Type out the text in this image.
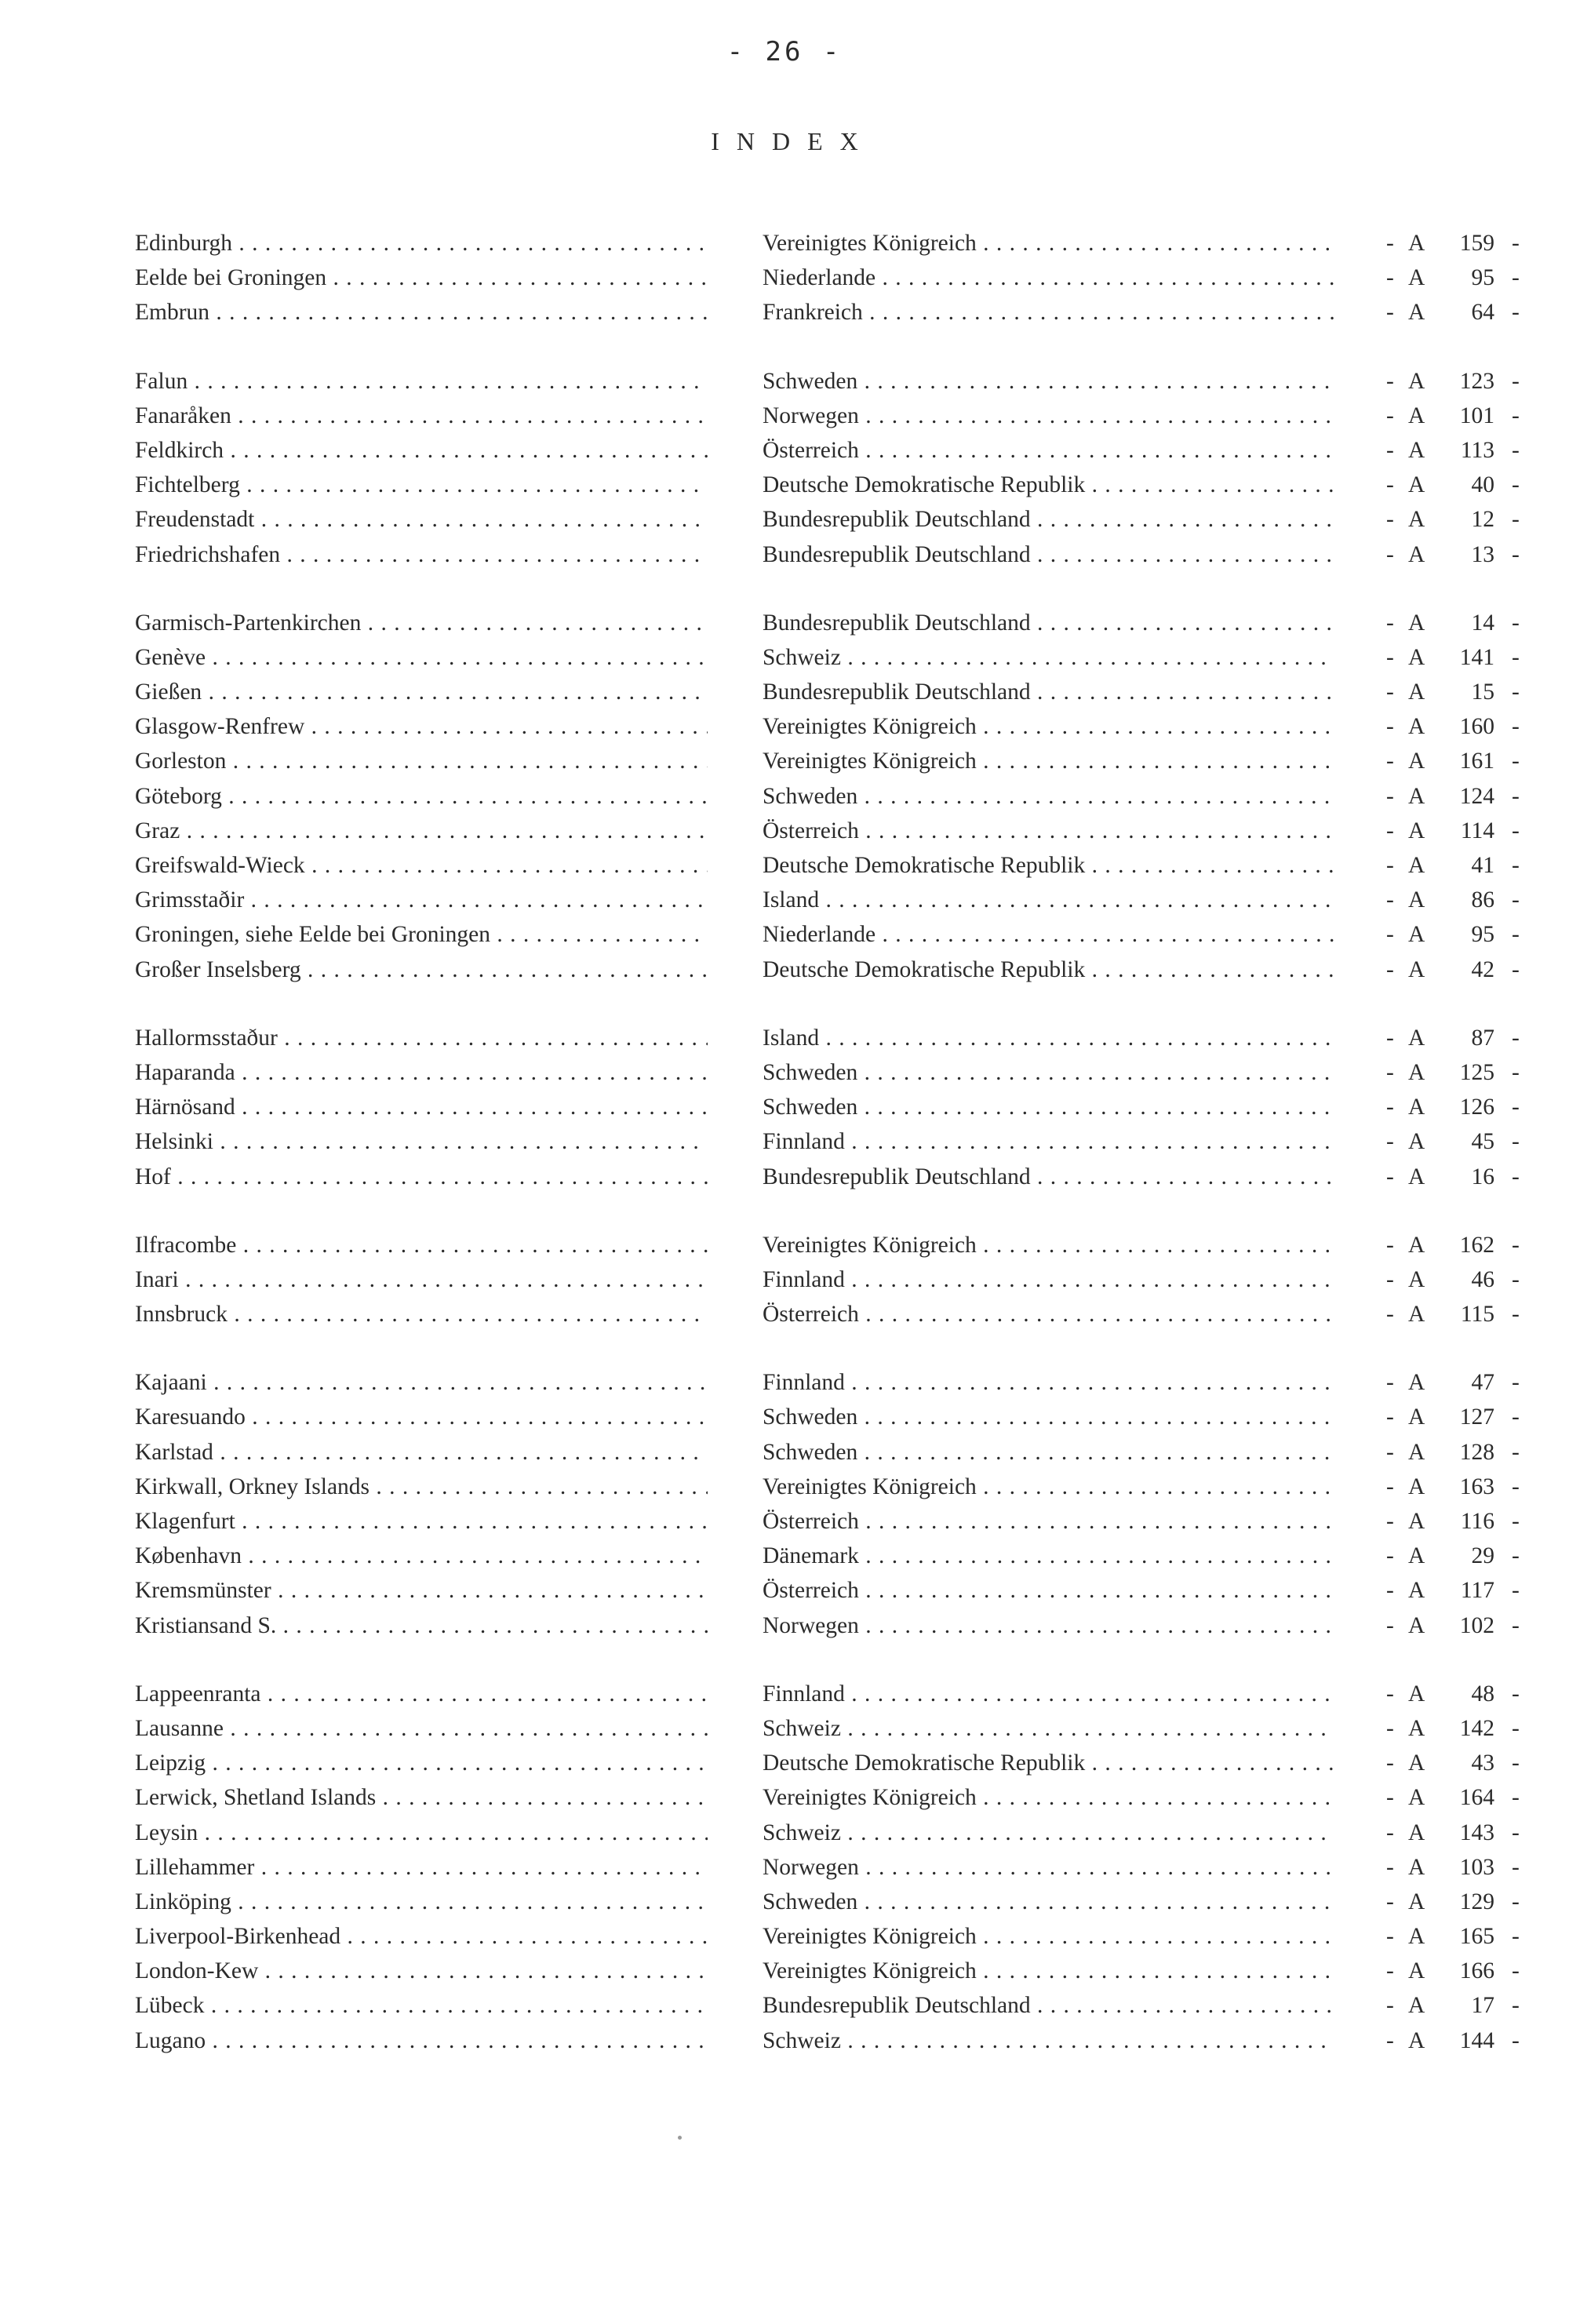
- 26 -
INDEX
Edinburgh . . .	Vereinigtes Königreich . . .	- A	159 -
Eelde bei Groningen . . .	Niederlande . . .	- A	95 -
Embrun . . .	Frankreich . . .	- A	64 -
Falun . . .	Schweden . . .	- A	123 -
Fanaråken . . .	Norwegen . . .	- A	101 -
Feldkirch . . .	Österreich . . .	- A	113 -
Fichtelberg . . .	Deutsche Demokratische Republik . . .	- A	40 -
Freudenstadt . . .	Bundesrepublik Deutschland . . .	- A	12 -
Friedrichshafen . . .	Bundesrepublik Deutschland . . .	- A	13 -
Garmisch-Partenkirchen . . .	Bundesrepublik Deutschland . . .	- A	14 -
Genève . . .	Schweiz . . .	- A	141 -
Gießen . . .	Bundesrepublik Deutschland . . .	- A	15 -
Glasgow-Renfrew . . .	Vereinigtes Königreich . . .	- A	160 -
Gorleston . . .	Vereinigtes Königreich . . .	- A	161 -
Göteborg . . .	Schweden . . .	- A	124 -
Graz . . .	Österreich . . .	- A	114 -
Greifswald-Wieck . . .	Deutsche Demokratische Republik . . .	- A	41 -
Grimsstaðir . . .	Island . . .	- A	86 -
Groningen, siehe Eelde bei Groningen . . .	Niederlande . . .	- A	95 -
Großer Inselsberg . . .	Deutsche Demokratische Republik . . .	- A	42 -
Hallormsstaður . . .	Island . . .	- A	87 -
Haparanda . . .	Schweden . . .	- A	125 -
Härnösand . . .	Schweden . . .	- A	126 -
Helsinki . . .	Finnland . . .	- A	45 -
Hof . . .	Bundesrepublik Deutschland . . .	- A	16 -
Ilfracombe . . .	Vereinigtes Königreich . . .	- A	162 -
Inari . . .	Finnland . . .	- A	46 -
Innsbruck . . .	Österreich . . .	- A	115 -
Kajaani . . .	Finnland . . .	- A	47 -
Karesuando . . .	Schweden . . .	- A	127 -
Karlstad . . .	Schweden . . .	- A	128 -
Kirkwall, Orkney Islands . . .	Vereinigtes Königreich . . .	- A	163 -
Klagenfurt . . .	Österreich . . .	- A	116 -
København . . .	Dänemark . . .	- A	29 -
Kremsmünster . . .	Österreich . . .	- A	117 -
Kristiansand S. . . .	Norwegen . . .	- A	102 -
Lappeenranta . . .	Finnland . . .	- A	48 -
Lausanne . . .	Schweiz . . .	- A	142 -
Leipzig . . .	Deutsche Demokratische Republik . . .	- A	43 -
Lerwick, Shetland Islands . . .	Vereinigtes Königreich . . .	- A	164 -
Leysin . . .	Schweiz . . .	- A	143 -
Lillehammer . . .	Norwegen . . .	- A	103 -
Linköping . . .	Schweden . . .	- A	129 -
Liverpool-Birkenhead . . .	Vereinigtes Königreich . . .	- A	165 -
London-Kew . . .	Vereinigtes Königreich . . .	- A	166 -
Lübeck . . .	Bundesrepublik Deutschland . . .	- A	17 -
Lugano . . .	Schweiz . . .	- A	144 -
